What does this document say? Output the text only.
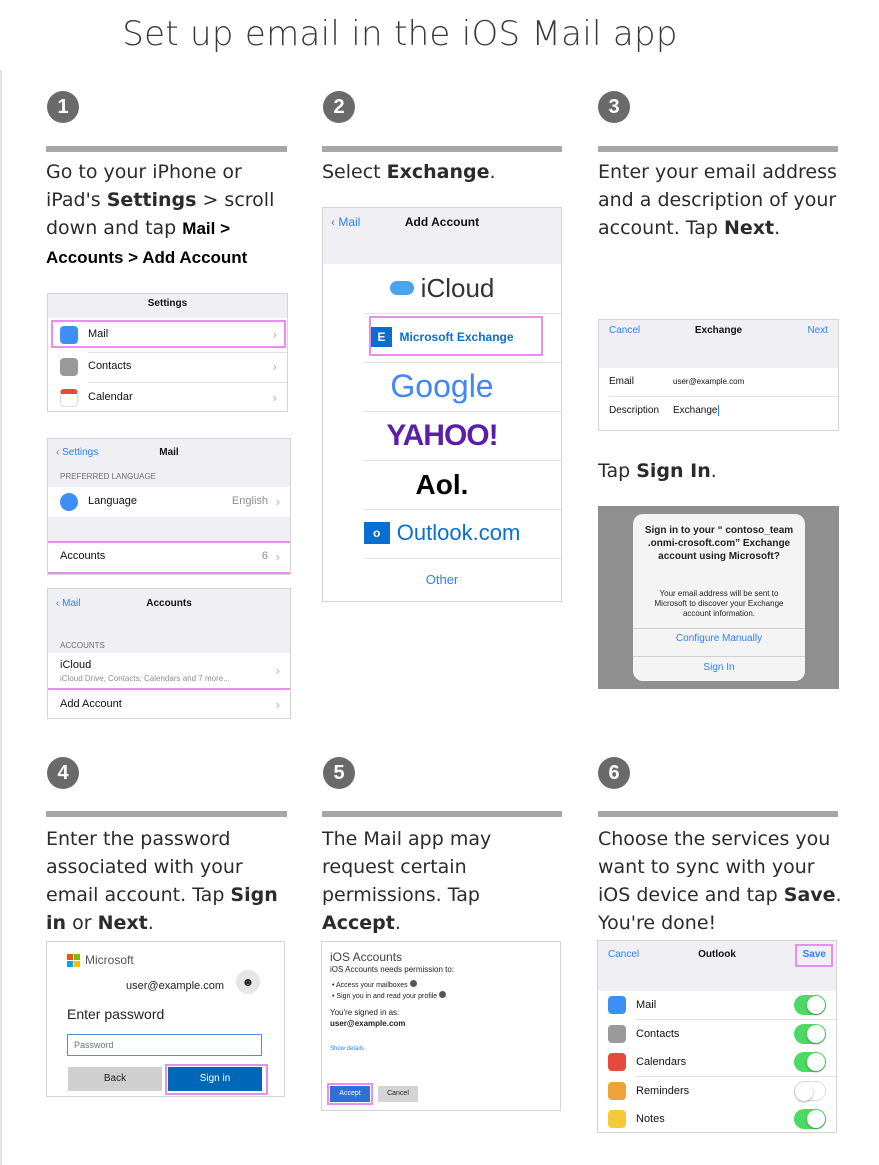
Set up email in the iOS Mail app
1
Go to your iPhone or iPad's Settings > scroll down and tap Mail > Accounts > Add Account
Settings
Mail	›
Contacts	›
Calendar	›
‹ Settings	Mail
PREFERRED LANGUAGE
Language	English ›
Accounts	6 ›
‹ Mail	Accounts
ACCOUNTS
iCloud
iCloud Drive, Contacts, Calendars and 7 more...
›
Add Account	›
2
Select Exchange.
‹ Mail	Add Account
iCloud
E Microsoft Exchange
Google
YAHOO!
Aol.
o Outlook.com
Other
3
Enter your email address and a description of your account. Tap Next.
Cancel	Exchange	Next
Email	user@example.com
Description Exchange
Tap Sign In.
Sign in to your “ contoso_team .onmi-crosoft.com” Exchange account using Microsoft?
Your email address will be sent to Microsoft to discover your Exchange account information.
Configure Manually
Sign In
4
Enter the password associated with your email account. Tap Sign in or Next.
Microsoft
user@example.com	☻
Enter password
Back	Sign in
5
The Mail app may request certain permissions. Tap Accept.
iOS Accounts
iOS Accounts needs permission to:
• Access your mailboxes
• Sign you in and read your profile
You're signed in as:
user@example.com
Show details
Accept	Cancel
6
Choose the services you want to sync with your iOS device and tap Save. You're done!
Cancel	Outlook	Save
Mail
Contacts
Calendars
Reminders
Notes
